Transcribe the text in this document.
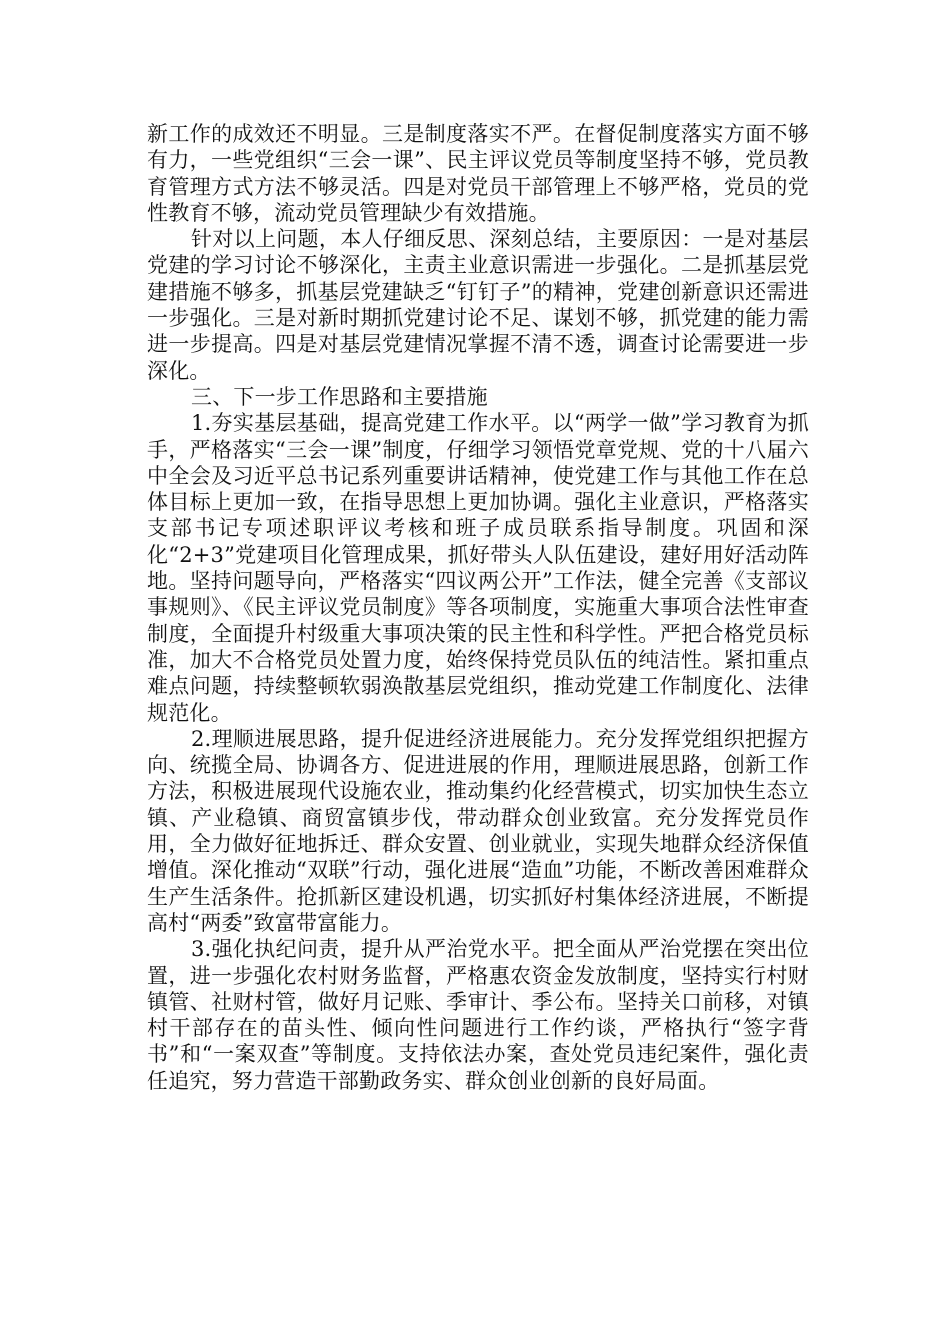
新工作的成效还不明显。三是制度落实不严。在督促制度落实方面不够有力，一些党组织“三会一课”、民主评议党员等制度坚持不够，党员教育管理方式方法不够灵活。四是对党员干部管理上不够严格，党员的党性教育不够，流动党员管理缺少有效措施。

针对以上问题，本人仔细反思、深刻总结，主要原因：一是对基层党建的学习讨论不够深化，主责主业意识需进一步强化。二是抓基层党建措施不够多，抓基层党建缺乏“钉钉子”的精神，党建创新意识还需进一步强化。三是对新时期抓党建讨论不足、谋划不够，抓党建的能力需进一步提高。四是对基层党建情况掌握不清不透，调查讨论需要进一步深化。

三、下一步工作思路和主要措施

1.夯实基层基础，提高党建工作水平。以“两学一做”学习教育为抓手，严格落实“三会一课”制度，仔细学习领悟党章党规、党的十八届六中全会及习近平总书记系列重要讲话精神，使党建工作与其他工作在总体目标上更加一致，在指导思想上更加协调。强化主业意识，严格落实支部书记专项述职评议考核和班子成员联系指导制度。巩固和深化“2+3”党建项目化管理成果，抓好带头人队伍建设，建好用好活动阵地。坚持问题导向，严格落实“四议两公开”工作法，健全完善《支部议事规则》、《民主评议党员制度》等各项制度，实施重大事项合法性审查制度，全面提升村级重大事项决策的民主性和科学性。严把合格党员标准，加大不合格党员处置力度，始终保持党员队伍的纯洁性。紧扣重点难点问题，持续整顿软弱涣散基层党组织，推动党建工作制度化、法律规范化。

2.理顺进展思路，提升促进经济进展能力。充分发挥党组织把握方向、统揽全局、协调各方、促进进展的作用，理顺进展思路，创新工作方法，积极进展现代设施农业，推动集约化经营模式，切实加快生态立镇、产业稳镇、商贸富镇步伐，带动群众创业致富。充分发挥党员作用，全力做好征地拆迁、群众安置、创业就业，实现失地群众经济保值增值。深化推动“双联”行动，强化进展“造血”功能，不断改善困难群众生产生活条件。抢抓新区建设机遇，切实抓好村集体经济进展，不断提高村“两委”致富带富能力。

3.强化执纪问责，提升从严治党水平。把全面从严治党摆在突出位置，进一步强化农村财务监督，严格惠农资金发放制度，坚持实行村财镇管、社财村管，做好月记账、季审计、季公布。坚持关口前移，对镇村干部存在的苗头性、倾向性问题进行工作约谈，严格执行“签字背书”和“一案双查”等制度。支持依法办案，查处党员违纪案件，强化责任追究，努力营造干部勤政务实、群众创业创新的良好局面。
